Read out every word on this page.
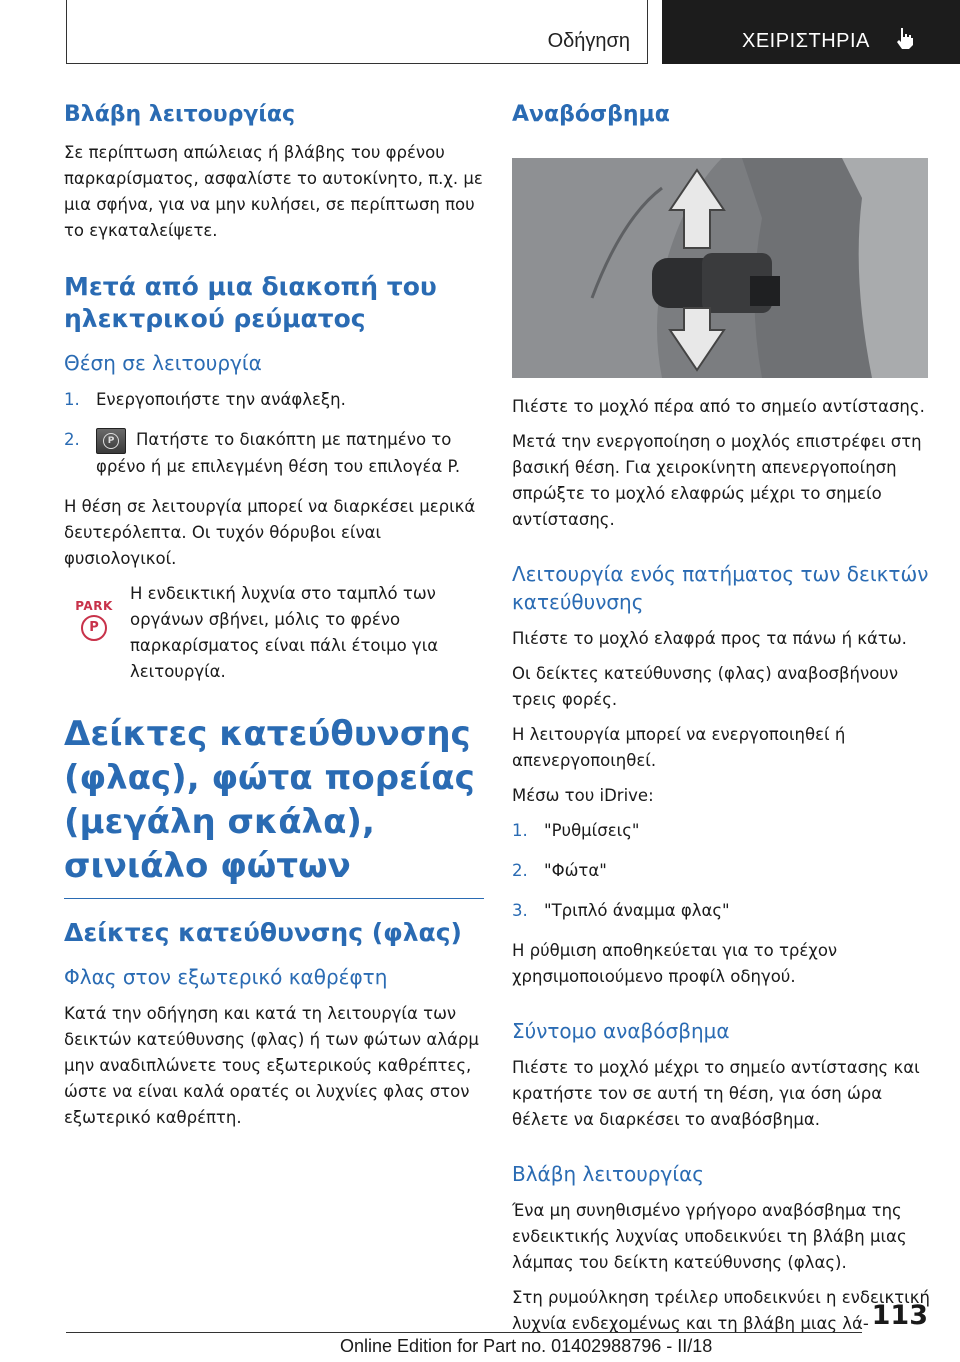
Οδήγηση	ΧΕΙΡΙΣΤΗΡΙΑ
Βλάβη λειτουργίας

Σε περίπτωση απώλειας ή βλάβης του φρένου παρκαρίσματος, ασφαλίστε το αυτοκίνητο, π.χ. με μια σφήνα, για να μην κυλήσει, σε περίπτωση που το εγκαταλείψετε.

Μετά από μια διακοπή του ηλεκτρικού ρεύματος
Θέση σε λειτουργία
1. Ενεργοποιήστε την ανάφλεξη.
2.	P Πατήστε το διακόπτη με πατημένο το φρένο ή με επιλεγμένη θέση του επιλογέα P.

Η θέση σε λειτουργία μπορεί να διαρκέσει μερικά δευτερόλεπτα. Οι τυχόν θόρυβοι είναι φυσιολογικοί.

PARK
P

Η ενδεικτική λυχνία στο ταμπλό των οργάνων σβήνει, μόλις το φρένο παρκαρίσματος είναι πάλι έτοιμο για λειτουργία.

Δείκτες κατεύθυνσης (φλας), φώτα πορείας (μεγάλη σκάλα), σινιάλο φώτων
Δείκτες κατεύθυνσης (φλας)
Φλας στον εξωτερικό καθρέφτη

Κατά την οδήγηση και κατά τη λειτουργία των δεικτών κατεύθυνσης (φλας) ή των φώτων αλάρμ μην αναδιπλώνετε τους εξωτερικούς καθρέπτες, ώστε να είναι καλά ορατές οι λυχνίες φλας στον εξωτερικό καθρέπτη.

Αναβόσβημα

Πιέστε το μοχλό πέρα από το σημείο αντίστασης.

Μετά την ενεργοποίηση ο μοχλός επιστρέφει στη βασική θέση. Για χειροκίνητη απενεργοποίηση σπρώξτε το μοχλό ελαφρώς μέχρι το σημείο αντίστασης.

Λειτουργία ενός πατήματος των δεικτών κατεύθυνσης

Πιέστε το μοχλό ελαφρά προς τα πάνω ή κάτω.

Οι δείκτες κατεύθυνσης (φλας) αναβοσβήνουν τρεις φορές.

Η λειτουργία μπορεί να ενεργοποιηθεί ή απενεργοποιηθεί.

Μέσω του iDrive:

1. "Ρυθμίσεις"
2. "Φώτα"
3. "Τριπλό άναμμα φλας"

Η ρύθμιση αποθηκεύεται για το τρέχον χρησιμοποιούμενο προφίλ οδηγού.

Σύντομο αναβόσβημα

Πιέστε το μοχλό μέχρι το σημείο αντίστασης και κρατήστε τον σε αυτή τη θέση, για όση ώρα θέλετε να διαρκέσει το αναβόσβημα.

Βλάβη λειτουργίας

Ένα μη συνηθισμένο γρήγορο αναβόσβημα της ενδεικτικής λυχνίας υποδεικνύει τη βλάβη μιας λάμπας του δείκτη κατεύθυνσης (φλας).

Στη ρυμούλκηση τρέιλερ υποδεικνύει η ενδεικτική λυχνία ενδεχομένως και τη βλάβη μιας λά- 113
Online Edition for Part no. 01402988796 - II/18
